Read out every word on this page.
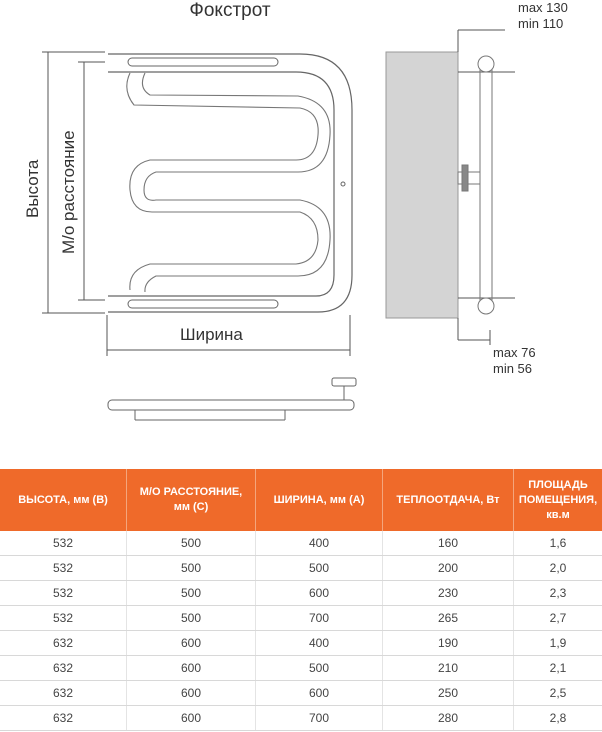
Фокстрот
Высота М/о расстояние
Ширина
max 130
min 110
max 76
min 56
ВЫСОТА, мм (B)	М/О РАССТОЯНИЕ, мм (С)	ШИРИНА, мм (А)	ТЕПЛООТДАЧА, Вт	ПЛОЩАДЬ ПОМЕЩЕНИЯ, кв.м
532	500	400	160	1,6
532	500	500	200	2,0
532	500	600	230	2,3
532	500	700	265	2,7
632	600	400	190	1,9
632	600	500	210	2,1
632	600	600	250	2,5
632	600	700	280	2,8
